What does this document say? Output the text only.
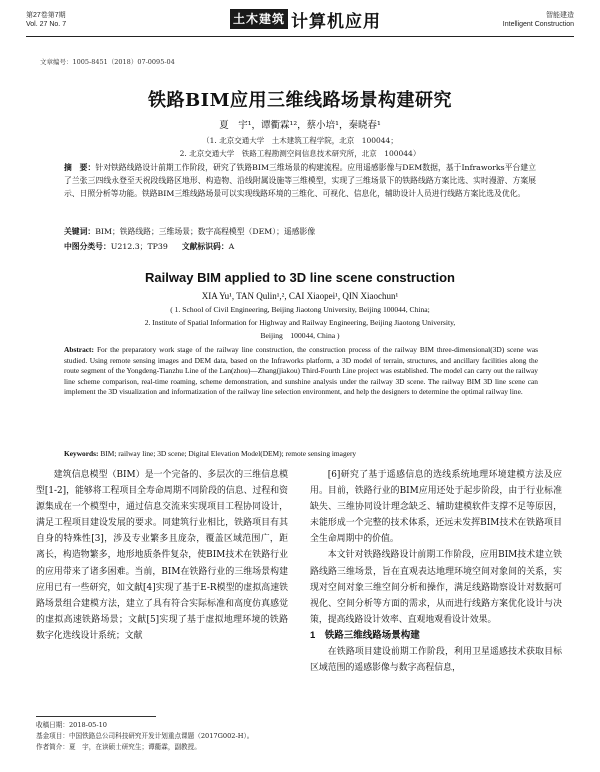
第27卷第7期
Vol. 27 No. 7	土木建筑 计算机应用	智能建造
Intelligent Construction
文章编号：1005-8451（2018）07-0095-04
铁路BIM应用三维线路场景构建研究
夏　宇¹，谭衢霖¹²，蔡小培¹，秦晓春¹
（1. 北京交通大学　土木建筑工程学院，北京　100044；
2. 北京交通大学　铁路工程勘测空间信息技术研究所，北京　100044）
摘　要：针对铁路线路设计前期工作阶段，研究了铁路BIM三维场景的构建流程。应用遥感影像与DEM数据，基于Infraworks平台建立了兰张三四线永登至天祝段线路区地形、构造物、沿线附属设施等三维模型，实现了三维场景下的铁路线路方案比选、实时漫游、方案展示、日照分析等功能。铁路BIM三维线路场景可以实现线路环境的三维化、可视化、信息化，辅助设计人员进行线路方案比选及优化。
关键词：BIM；铁路线路；三维场景；数字高程模型（DEM）；遥感影像
中图分类号：U212.3；TP39 文献标识码：A
Railway BIM applied to 3D line scene construction
XIA Yu¹, TAN Qulin¹,², CAI Xiaopei¹, QIN Xiaochun¹
( 1. School of Civil Engineering, Beijing Jiaotong University, Beijing 100044, China;
2. Institute of Spatial Information for Highway and Railway Engineering, Beijing Jiaotong University,
Beijing　100044, China )
Abstract: For the preparatory work stage of the railway line construction, the construction process of the railway BIM three-dimensional(3D) scene was studied. Using remote sensing images and DEM data, based on the Infraworks platform, a 3D model of terrain, structures, and ancillary facilities along the route segment of the Yongdeng-Tianzhu Line of the Lan(zhou)—Zhang(jiakou) Third-Fourth Line project was established. The model can carry out the railway line scheme comparison, real-time roaming, scheme demonstration, and sunshine analysis under the railway 3D scene. The railway BIM 3D line scene can implement the 3D visualization and informatization of the railway line selection environment, and help the designers to determine the optimal railway line.
Keywords: BIM; railway line; 3D scene; Digital Elevation Model(DEM); remote sensing imagery

建筑信息模型（BIM）是一个完备的、多层次的三维信息模型[1-2]，能够将工程项目全寿命周期不同阶段的信息、过程和资源集成在一个模型中，通过信息交流来实现项目工程协同设计，满足工程项目建设发展的要求。同建筑行业相比，铁路项目有其自身的特殊性[3]，涉及专业繁多且庞杂，覆盖区域范围广，距离长，构造物繁多，地形地质条件复杂，使BIM技术在铁路行业的应用带来了诸多困难。当前，BIM在铁路行业的三维场景构建应用已有一些研究，如文献[4]实现了基于E-R模型的虚拟高速铁路场景组合建模方法，建立了具有符合实际标准和高度仿真感觉的虚拟高速铁路场景；文献[5]实现了基于虚拟地理环境的铁路数字化选线设计系统；文献

[6]研究了基于遥感信息的选线系统地理环境建模方法及应用。目前，铁路行业的BIM应用还处于起步阶段，由于行业标准缺失、三维协同设计理念缺乏、辅助建模软件支撑不足等原因，未能形成一个完整的技术体系，还远未发挥BIM技术在铁路项目全生命周期中的价值。

本文针对铁路线路设计前期工作阶段，应用BIM技术建立铁路线路三维场景，旨在直观表达地理环境空间对象间的关系，实现对空间对象三维空间分析和操作，满足线路勘察设计对数据可视化、空间分析等方面的需求，从而进行线路方案优化设计与决策，提高线路设计效率、直观地观看设计效果。

1　铁路三维线路场景构建

在铁路项目建设前期工作阶段，利用卫星遥感技术获取目标区域范围的遥感影像与数字高程信息，

收稿日期：2018-05-10
基金项目：中国铁路总公司科技研究开发计划重点课题（2017G002-H）。
作者简介：夏　宇，在读硕士研究生；谭衢霖，副教授。
